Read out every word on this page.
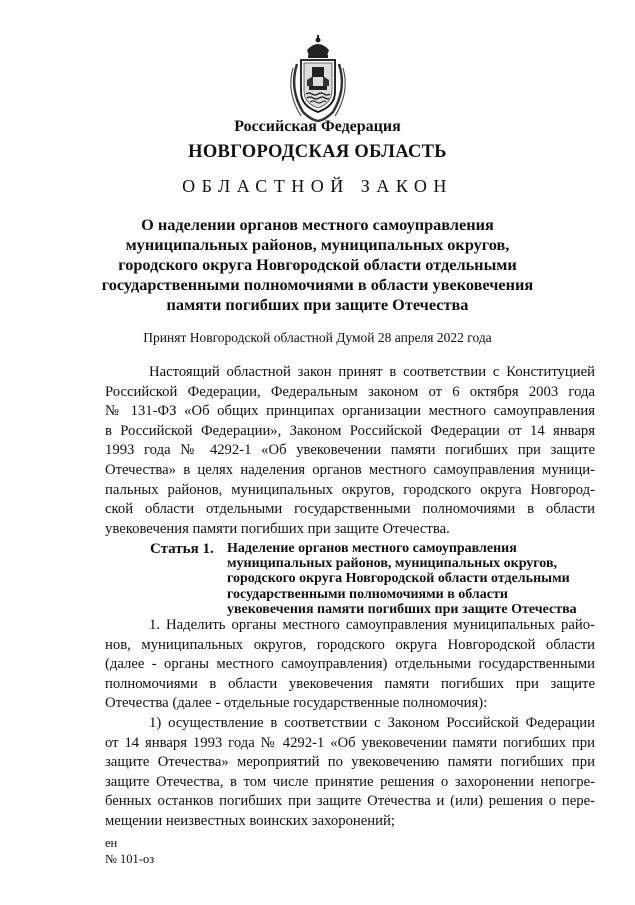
Российская Федерация
НОВГОРОДСКАЯ ОБЛАСТЬ
ОБЛАСТНОЙ ЗАКОН
О наделении органов местного самоуправления
муниципальных районов, муниципальных округов,
городского округа Новгородской области отдельными
государственными полномочиями в области увековечения
памяти погибших при защите Отечества
Принят Новгородской областной Думой 28 апреля 2022 года
Настоящий областной закон принят в соответствии с Конституцией
Российской Федерации, Федеральным законом от 6 октября 2003 года
№ 131-ФЗ «Об общих принципах организации местного самоуправления
в Российской Федерации», Законом Российской Федерации от 14 января
1993 года № 4292-1 «Об увековечении памяти погибших при защите
Отечества» в целях наделения органов местного самоуправления муници-
пальных районов, муниципальных округов, городского округа Новгород-
ской области отдельными государственными полномочиями в области
увековечения памяти погибших при защите Отечества.
Статья 1. Наделение органов местного самоуправления
муниципальных районов, муниципальных округов,
городского округа Новгородской области отдельными
государственными полномочиями в области
увековечения памяти погибших при защите Отечества
1. Наделить органы местного самоуправления муниципальных райо-
нов, муниципальных округов, городского округа Новгородской области
(далее - органы местного самоуправления) отдельными государственными
полномочиями в области увековечения памяти погибших при защите
Отечества (далее - отдельные государственные полномочия):
1) осуществление в соответствии с Законом Российской Федерации
от 14 января 1993 года № 4292-1 «Об увековечении памяти погибших при
защите Отечества» мероприятий по увековечению памяти погибших при
защите Отечества, в том числе принятие решения о захоронении непогре-
бенных останков погибших при защите Отечества и (или) решения о пере-
мещении неизвестных воинских захоронений;
ен
№ 101-оз
